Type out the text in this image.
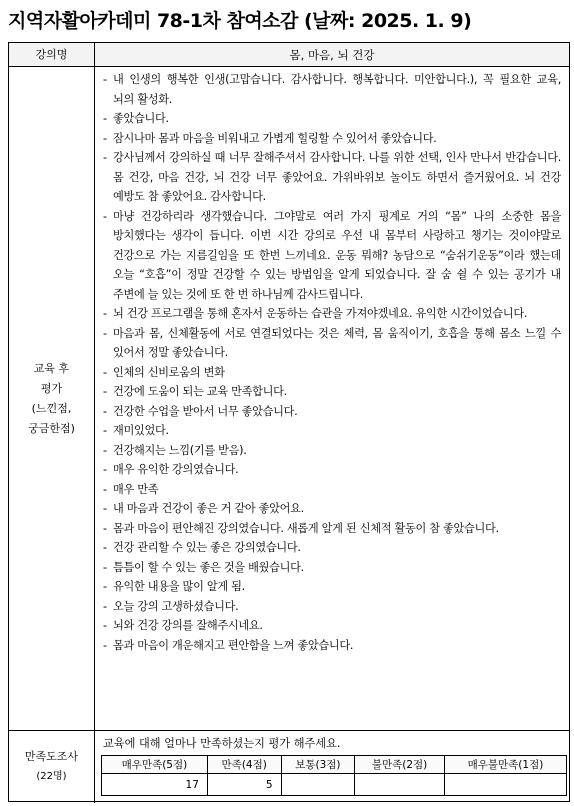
지역자활아카데미 78-1차 참여소감 (날짜: 2025. 1. 9)
강의명	몸, 마음, 뇌 건강
교육 후
평가
(느낀점,
궁금한점)
- 내 인생의 행복한 인생(고맙습니다. 감사합니다. 행복합니다. 미안합니다.), 꼭 필요한 교육, 뇌의 활성화.
- 좋았습니다.
- 잠시나마 몸과 마음을 비워내고 가볍게 힐링할 수 있어서 좋았습니다.
- 강사님께서 강의하실 때 너무 잘해주셔서 감사합니다. 나를 위한 선택, 인사 만나서 반갑습니다. 몸 건강, 마음 건강, 뇌 건강 너무 좋았어요. 가위바위보 놀이도 하면서 즐거웠어요. 뇌 건강 예방도 참 좋았어요. 감사합니다.
- 마냥 건강하리라 생각했습니다. 그야말로 여러 가지 핑계로 거의 “몸” 나의 소중한 몸을 방치했다는 생각이 듭니다. 이번 시간 강의로 우선 내 몸부터 사랑하고 챙기는 것이야말로 건강으로 가는 지름길임을 또 한번 느끼네요. 운동 뭐해? 농담으로 “숨쉬기운동”이라 했는데 오늘 “호흡”이 정말 건강할 수 있는 방법임을 알게 되었습니다. 잘 숨 쉴 수 있는 공기가 내 주변에 늘 있는 것에 또 한 번 하나님께 감사드립니다.
- 뇌 건강 프로그램을 통해 혼자서 운동하는 습관을 가져야겠네요. 유익한 시간이었습니다.
- 마음과 몸, 신체활동에 서로 연결되었다는 것은 체력, 몸 움직이기, 호흡을 통해 몸소 느낄 수 있어서 정말 좋았습니다.
- 인체의 신비로움의 변화
- 건강에 도움이 되는 교육 만족합니다.
- 건강한 수업을 받아서 너무 좋았습니다.
- 재미있었다.
- 건강해지는 느낌(기를 받음).
- 매우 유익한 강의였습니다.
- 매우 만족
- 내 마음과 건강이 좋은 거 같아 좋았어요.
- 몸과 마음이 편안해진 강의였습니다. 새롭게 알게 된 신체적 활동이 참 좋았습니다.
- 건강 관리할 수 있는 좋은 강의였습니다.
- 틈틈이 할 수 있는 좋은 것을 배웠습니다.
- 유익한 내용을 많이 알게 됨.
- 오늘 강의 고생하셨습니다.
- 뇌와 건강 강의를 잘해주시네요.
- 몸과 마음이 개운해지고 편안함을 느껴 좋았습니다.
만족도조사
(22명)
교육에 대해 얼마나 만족하셨는지 평가 해주세요.
매우만족(5점)	만족(4점)	보통(3점)	불만족(2점)	매우불만족(1점)
17	5			
